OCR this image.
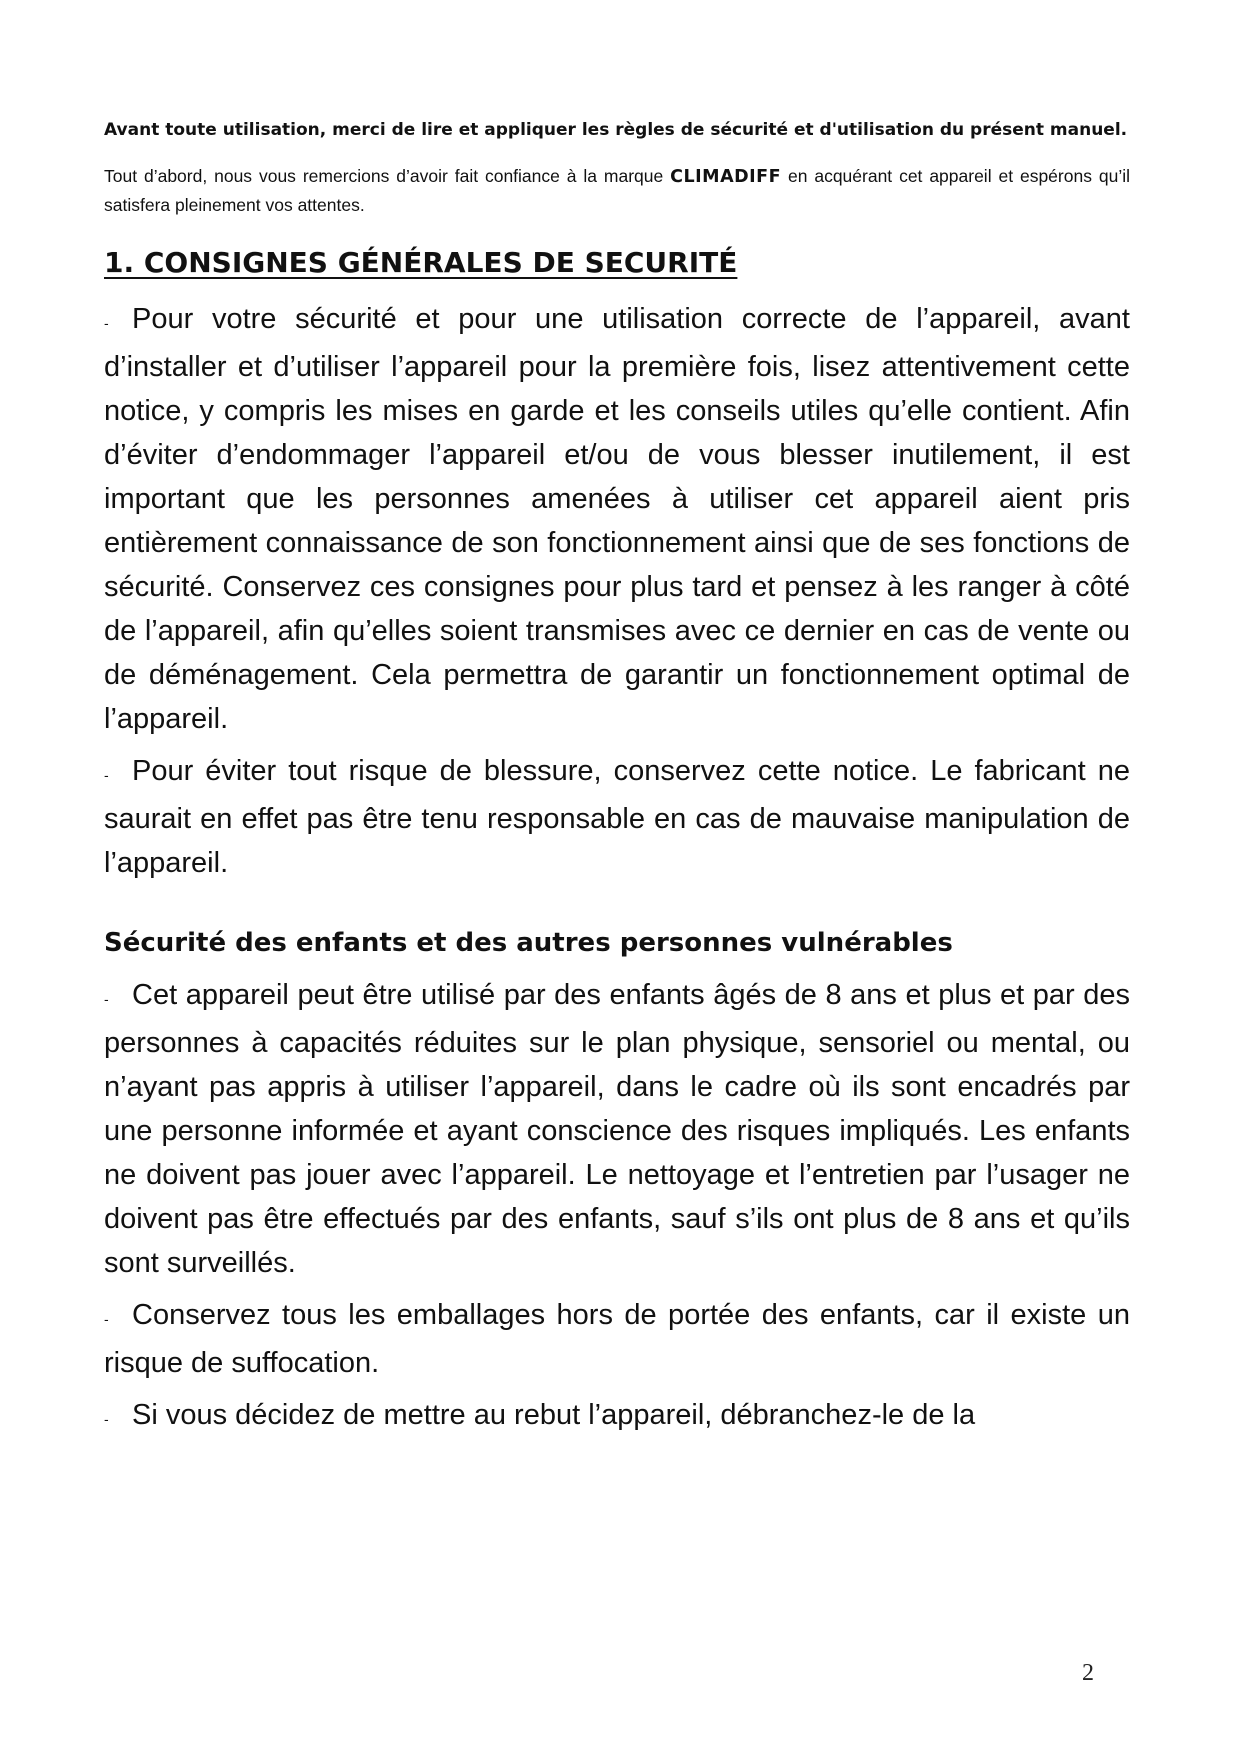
Avant toute utilisation, merci de lire et appliquer les règles de sécurité et d'utilisation du présent manuel.

Tout d’abord, nous vous remercions d’avoir fait confiance à la marque CLIMADIFF en acquérant cet appareil et espérons qu’il satisfera pleinement vos attentes.

1. CONSIGNES GÉNÉRALES DE SECURITÉ

- Pour votre sécurité et pour une utilisation correcte de l’appareil, avant d’installer et d’utiliser l’appareil pour la première fois, lisez attentivement cette notice, y compris les mises en garde et les conseils utiles qu’elle contient. Afin d’éviter d’endommager l’appareil et/ou de vous blesser inutilement, il est important que les personnes amenées à utiliser cet appareil aient pris entièrement connaissance de son fonctionnement ainsi que de ses fonctions de sécurité. Conservez ces consignes pour plus tard et pensez à les ranger à côté de l’appareil, afin qu’elles soient transmises avec ce dernier en cas de vente ou de déménagement. Cela permettra de garantir un fonctionnement optimal de l’appareil.

- Pour éviter tout risque de blessure, conservez cette notice. Le fabricant ne saurait en effet pas être tenu responsable en cas de mauvaise manipulation de l’appareil.

Sécurité des enfants et des autres personnes vulnérables

- Cet appareil peut être utilisé par des enfants âgés de 8 ans et plus et par des personnes à capacités réduites sur le plan physique, sensoriel ou mental, ou n’ayant pas appris à utiliser l’appareil, dans le cadre où ils sont encadrés par une personne informée et ayant conscience des risques impliqués. Les enfants ne doivent pas jouer avec l’appareil. Le nettoyage et l’entretien par l’usager ne doivent pas être effectués par des enfants, sauf s’ils ont plus de 8 ans et qu’ils sont surveillés.

- Conservez tous les emballages hors de portée des enfants, car il existe un risque de suffocation.

- Si vous décidez de mettre au rebut l’appareil, débranchez-le de la

2
